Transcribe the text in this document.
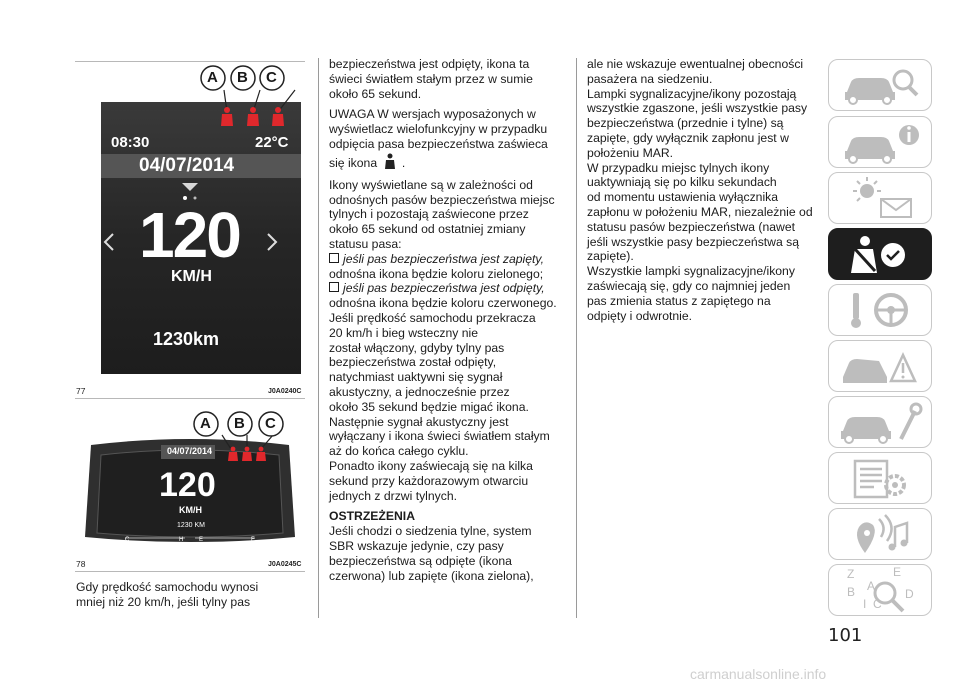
A B C
08:30	22°C
04/07/2014
120
KM/H
1230km
77	J0A0240C
A B C
04/07/2014
120
KM/H
1230 KM
C	H	E	F
78	J0A0245C

Gdy prędkość samochodu wynosi

mniej niż 20 km/h, jeśli tylny pas

bezpieczeństwa jest odpięty, ikona ta

świeci światłem stałym przez w sumie

około 65 sekund.

UWAGA W wersjach wyposażonych w

wyświetlacz wielofunkcyjny w przypadku

odpięcia pasa bezpieczeństwa zaświeca

się ikona .

Ikony wyświetlane są w zależności od

odnośnych pasów bezpieczeństwa miejsc

tylnych i pozostają zaświecone przez

około 65 sekund od ostatniej zmiany

statusu pasa:

jeśli pas bezpieczeństwa jest zapięty,

odnośna ikona będzie koloru zielonego;

jeśli pas bezpieczeństwa jest odpięty,

odnośna ikona będzie koloru czerwonego.

Jeśli prędkość samochodu przekracza

20 km/h i bieg wsteczny nie

został włączony, gdyby tylny pas

bezpieczeństwa został odpięty,

natychmiast uaktywni się sygnał

akustyczny, a jednocześnie przez

około 35 sekund będzie migać ikona.

Następnie sygnał akustyczny jest

wyłączany i ikona świeci światłem stałym

aż do końca całego cyklu.

Ponadto ikony zaświecają się na kilka

sekund przy każdorazowym otwarciu

jednych z drzwi tylnych.

OSTRZEŻENIA

Jeśli chodzi o siedzenia tylne, system

SBR wskazuje jedynie, czy pasy

bezpieczeństwa są odpięte (ikona

czerwona) lub zapięte (ikona zielona),

ale nie wskazuje ewentualnej obecności

pasażera na siedzeniu.

Lampki sygnalizacyjne/ikony pozostają

wszystkie zgaszone, jeśli wszystkie pasy

bezpieczeństwa (przednie i tylne) są

zapięte, gdy wyłącznik zapłonu jest w

położeniu MAR.

W przypadku miejsc tylnych ikony

uaktywniają się po kilku sekundach

od momentu ustawienia wyłącznika

zapłonu w położeniu MAR, niezależnie od

statusu pasów bezpieczeństwa (nawet

jeśli wszystkie pasy bezpieczeństwa są

zapięte).

Wszystkie lampki sygnalizacyjne/ikony

zaświecają się, gdy co najmniej jeden

pas zmienia status z zapiętego na

odpięty i odwrotnie.

Z	E
B A
I C
D
101
carmanualsonline.info
